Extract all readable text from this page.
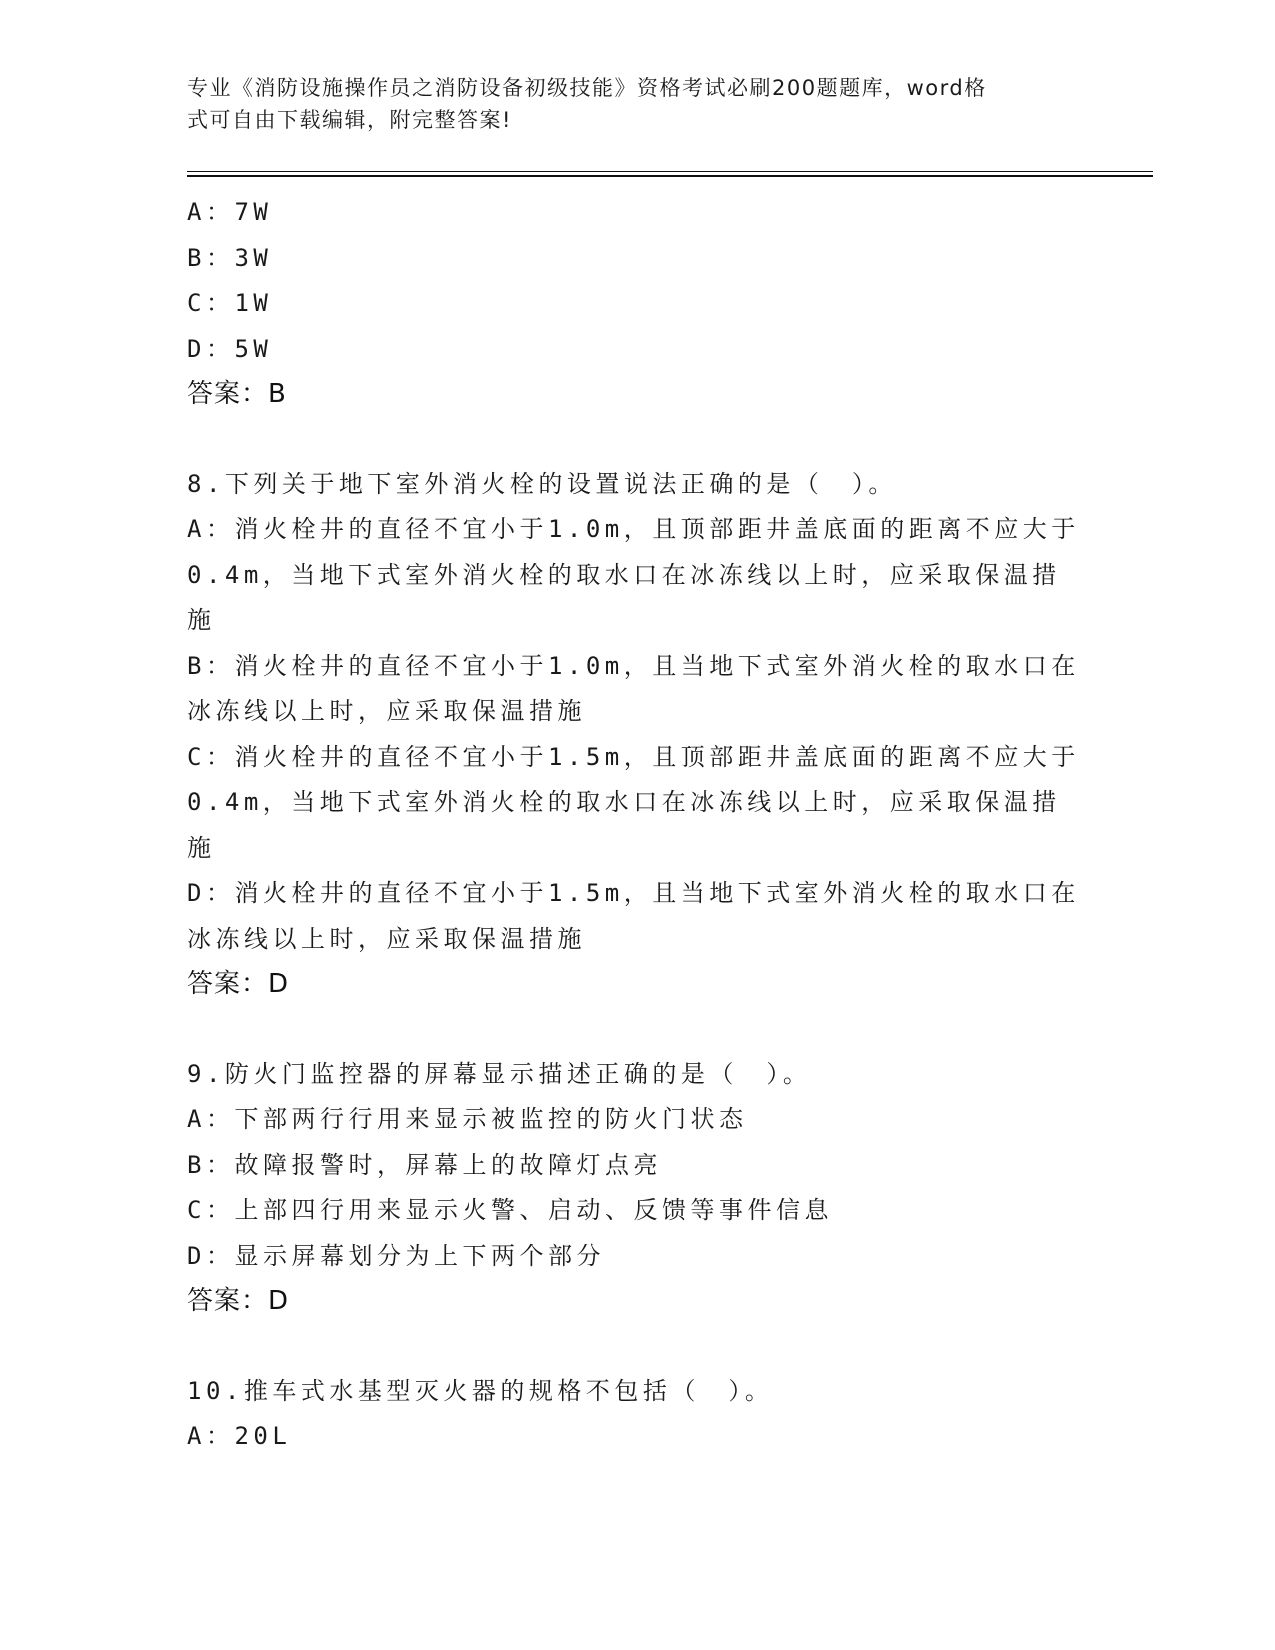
专业《消防设施操作员之消防设备初级技能》资格考试必刷200题题库，word格
式可自由下载编辑，附完整答案!
A：7W
B：3W
C：1W
D：5W
答案：B
8.下列关于地下室外消火栓的设置说法正确的是（　）。
A：消火栓井的直径不宜小于1.0m，且顶部距井盖底面的距离不应大于
0.4m，当地下式室外消火栓的取水口在冰冻线以上时，应采取保温措
施
B：消火栓井的直径不宜小于1.0m，且当地下式室外消火栓的取水口在
冰冻线以上时，应采取保温措施
C：消火栓井的直径不宜小于1.5m，且顶部距井盖底面的距离不应大于
0.4m，当地下式室外消火栓的取水口在冰冻线以上时，应采取保温措
施
D：消火栓井的直径不宜小于1.5m，且当地下式室外消火栓的取水口在
冰冻线以上时，应采取保温措施
答案：D
9.防火门监控器的屏幕显示描述正确的是（　）。
A：下部两行行用来显示被监控的防火门状态
B：故障报警时，屏幕上的故障灯点亮
C：上部四行用来显示火警、启动、反馈等事件信息
D：显示屏幕划分为上下两个部分
答案：D
10.推车式水基型灭火器的规格不包括（　）。
A：20L
